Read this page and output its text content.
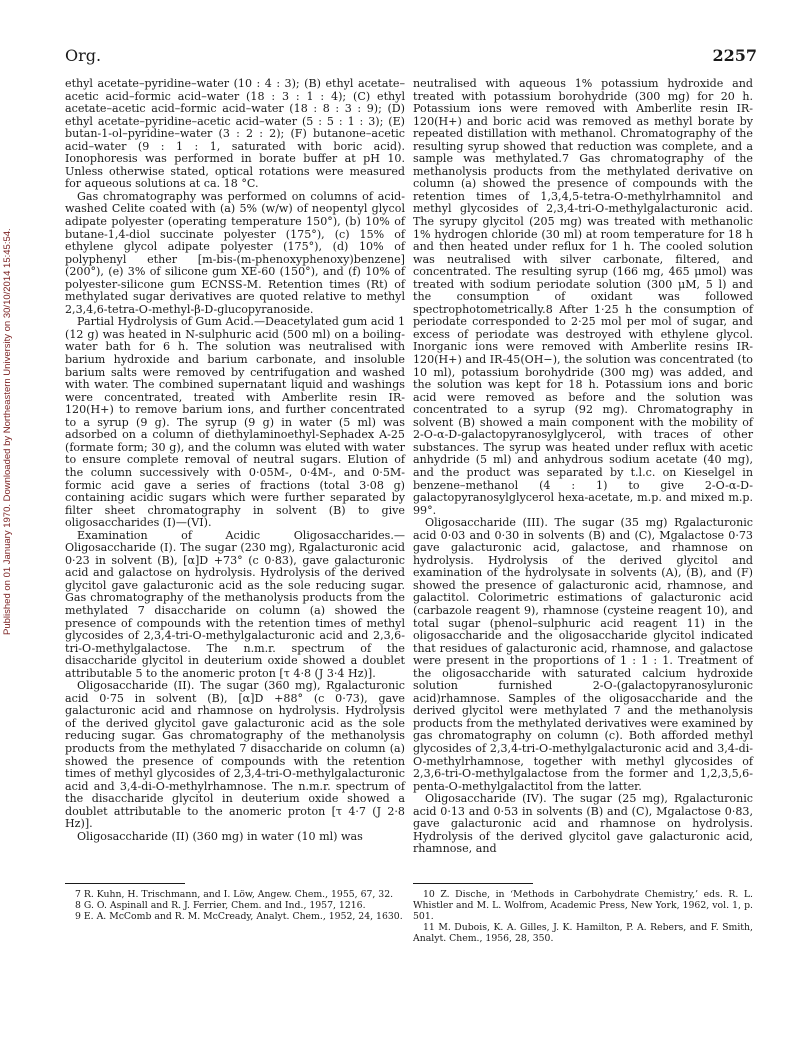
Org.	2257
Published on 01 January 1970. Downloaded by Northeastern University on 30/10/2014 15:45:54.

ethyl acetate–pyridine–water (10 : 4 : 3); (B) ethyl acetate–acetic acid–formic acid–water (18 : 3 : 1 : 4); (C) ethyl acetate–acetic acid–formic acid–water (18 : 8 : 3 : 9); (D) ethyl acetate–pyridine–acetic acid–water (5 : 5 : 1 : 3); (E) butan-1-ol–pyridine–water (3 : 2 : 2); (F) butanone–acetic acid–water (9 : 1 : 1, saturated with boric acid). Ionophoresis was performed in borate buffer at pH 10. Unless otherwise stated, optical rotations were measured for aqueous solutions at ca. 18 °C.

Gas chromatography was performed on columns of acid-washed Celite coated with (a) 5% (w/w) of neopentyl glycol adipate polyester (operating temperature 150°), (b) 10% of butane-1,4-diol succinate polyester (175°), (c) 15% of ethylene glycol adipate polyester (175°), (d) 10% of polyphenyl ether [m-bis-(m-phenoxyphenoxy)benzene] (200°), (e) 3% of silicone gum XE-60 (150°), and (f) 10% of polyester-silicone gum ECNSS-M. Retention times (Rt) of methylated sugar derivatives are quoted relative to methyl 2,3,4,6-tetra-O-methyl-β-D-glucopyranoside.

Partial Hydrolysis of Gum Acid.—Deacetylated gum acid 1 (12 g) was heated in N-sulphuric acid (500 ml) on a boiling-water bath for 6 h. The solution was neutralised with barium hydroxide and barium carbonate, and insoluble barium salts were removed by centrifugation and washed with water. The combined supernatant liquid and washings were concentrated, treated with Amberlite resin IR-120(H+) to remove barium ions, and further concentrated to a syrup (9 g). The syrup (9 g) in water (5 ml) was adsorbed on a column of diethylaminoethyl-Sephadex A-25 (formate form; 30 g), and the column was eluted with water to ensure complete removal of neutral sugars. Elution of the column successively with 0·05M-, 0·4M-, and 0·5M-formic acid gave a series of fractions (total 3·08 g) containing acidic sugars which were further separated by filter sheet chromatography in solvent (B) to give oligosaccharides (I)—(VI).

Examination of Acidic Oligosaccharides.—Oligosaccharide (I). The sugar (230 mg), Rgalacturonic acid 0·23 in solvent (B), [α]D +73° (c 0·83), gave galacturonic acid and galactose on hydrolysis. Hydrolysis of the derived glycitol gave galacturonic acid as the sole reducing sugar. Gas chromatography of the methanolysis products from the methylated 7 disaccharide on column (a) showed the presence of compounds with the retention times of methyl glycosides of 2,3,4-tri-O-methylgalacturonic acid and 2,3,6-tri-O-methylgalactose. The n.m.r. spectrum of the disaccharide glycitol in deuterium oxide showed a doublet attributable 5 to the anomeric proton [τ 4·8 (J 3·4 Hz)].

Oligosaccharide (II). The sugar (360 mg), Rgalacturonic acid 0·75 in solvent (B), [α]D +88° (c 0·73), gave galacturonic acid and rhamnose on hydrolysis. Hydrolysis of the derived glycitol gave galacturonic acid as the sole reducing sugar. Gas chromatography of the methanolysis products from the methylated 7 disaccharide on column (a) showed the presence of compounds with the retention times of methyl glycosides of 2,3,4-tri-O-methylgalacturonic acid and 3,4-di-O-methylrhamnose. The n.m.r. spectrum of the disaccharide glycitol in deuterium oxide showed a doublet attributable to the anomeric proton [τ 4·7 (J 2·8 Hz)].

Oligosaccharide (II) (360 mg) in water (10 ml) was

neutralised with aqueous 1% potassium hydroxide and treated with potassium borohydride (300 mg) for 20 h. Potassium ions were removed with Amberlite resin IR-120(H+) and boric acid was removed as methyl borate by repeated distillation with methanol. Chromatography of the resulting syrup showed that reduction was complete, and a sample was methylated.7 Gas chromatography of the methanolysis products from the methylated derivative on column (a) showed the presence of compounds with the retention times of 1,3,4,5-tetra-O-methylrhamnitol and methyl glycosides of 2,3,4-tri-O-methylgalacturonic acid. The syrupy glycitol (205 mg) was treated with methanolic 1% hydrogen chloride (30 ml) at room temperature for 18 h and then heated under reflux for 1 h. The cooled solution was neutralised with silver carbonate, filtered, and concentrated. The resulting syrup (166 mg, 465 μmol) was treated with sodium periodate solution (300 μM, 5 l) and the consumption of oxidant was followed spectrophotometrically.8 After 1·25 h the consumption of periodate corresponded to 2·25 mol per mol of sugar, and excess of periodate was destroyed with ethylene glycol. Inorganic ions were removed with Amberlite resins IR-120(H+) and IR-45(OH−), the solution was concentrated (to 10 ml), potassium borohydride (300 mg) was added, and the solution was kept for 18 h. Potassium ions and boric acid were removed as before and the solution was concentrated to a syrup (92 mg). Chromatography in solvent (B) showed a main component with the mobility of 2-O-α-D-galactopyranosylglycerol, with traces of other substances. The syrup was heated under reflux with acetic anhydride (5 ml) and anhydrous sodium acetate (40 mg), and the product was separated by t.l.c. on Kieselgel in benzene–methanol (4 : 1) to give 2-O-α-D-galactopyranosylglycerol hexa-acetate, m.p. and mixed m.p. 99°.

Oligosaccharide (III). The sugar (35 mg) Rgalacturonic acid 0·03 and 0·30 in solvents (B) and (C), Mgalactose 0·73 gave galacturonic acid, galactose, and rhamnose on hydrolysis. Hydrolysis of the derived glycitol and examination of the hydrolysate in solvents (A), (B), and (F) showed the presence of galacturonic acid, rhamnose, and galactitol. Colorimetric estimations of galacturonic acid (carbazole reagent 9), rhamnose (cysteine reagent 10), and total sugar (phenol–sulphuric acid reagent 11) in the oligosaccharide and the oligosaccharide glycitol indicated that residues of galacturonic acid, rhamnose, and galactose were present in the proportions of 1 : 1 : 1. Treatment of the oligosaccharide with saturated calcium hydroxide solution furnished 2-O-(galactopyranosyluronic acid)rhamnose. Samples of the oligosaccharide and the derived glycitol were methylated 7 and the methanolysis products from the methylated derivatives were examined by gas chromatography on column (c). Both afforded methyl glycosides of 2,3,4-tri-O-methylgalacturonic acid and 3,4-di-O-methylrhamnose, together with methyl glycosides of 2,3,6-tri-O-methylgalactose from the former and 1,2,3,5,6-penta-O-methylgalactitol from the latter.

Oligosaccharide (IV). The sugar (25 mg), Rgalacturonic acid 0·13 and 0·53 in solvents (B) and (C), Mgalactose 0·83, gave galacturonic acid and rhamnose on hydrolysis. Hydrolysis of the derived glycitol gave galacturonic acid, rhamnose, and

7 R. Kuhn, H. Trischmann, and I. Löw, Angew. Chem., 1955, 67, 32.

8 G. O. Aspinall and R. J. Ferrier, Chem. and Ind., 1957, 1216.

9 E. A. McComb and R. M. McCready, Analyt. Chem., 1952, 24, 1630.

10 Z. Dische, in ‘Methods in Carbohydrate Chemistry,’ eds. R. L. Whistler and M. L. Wolfrom, Academic Press, New York, 1962, vol. 1, p. 501.

11 M. Dubois, K. A. Gilles, J. K. Hamilton, P. A. Rebers, and F. Smith, Analyt. Chem., 1956, 28, 350.
